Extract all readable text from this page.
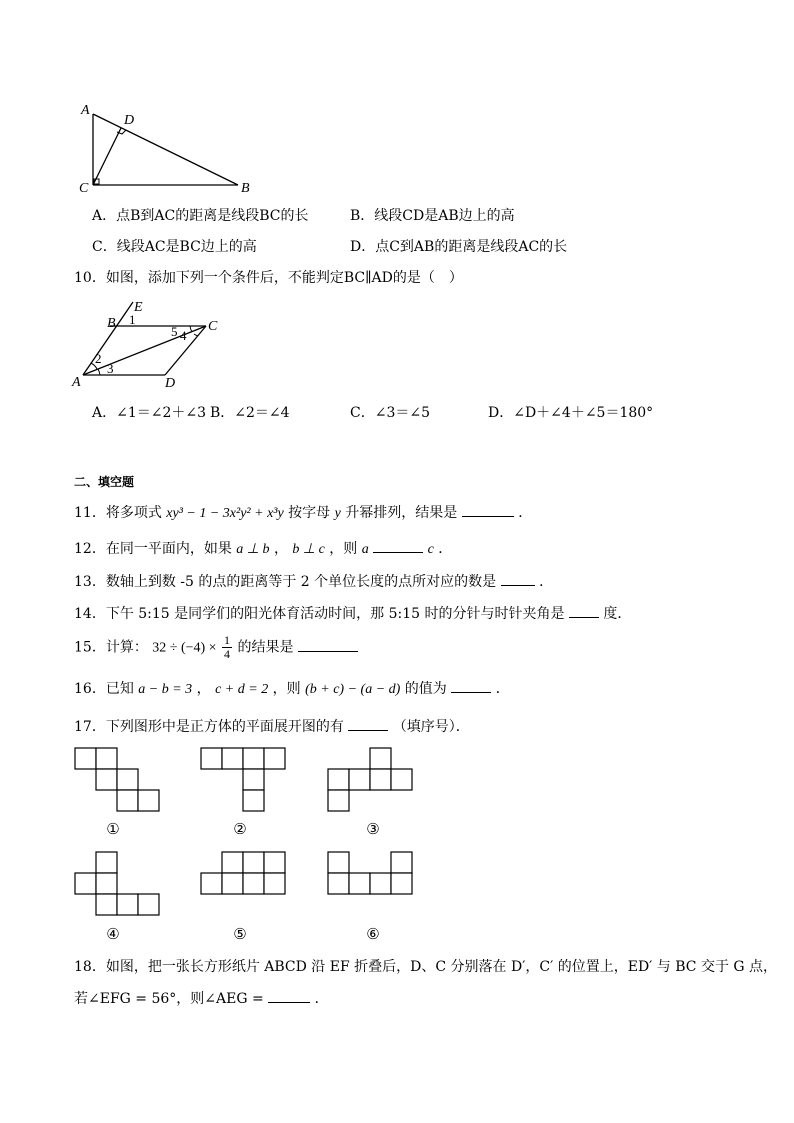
A
D
C	B
A．点B到AC的距离是线段BC的长	B．线段CD是AB边上的高
C．线段AC是BC边上的高	D．点C到AB的距离是线段AC的长
10．如图，添加下列一个条件后，不能判定BC∥AD的是（　）
B
E
C
A	D
1
2
3
4
5
A．∠1＝∠2＋∠3 B．∠2＝∠4	C．∠3＝∠5	D．∠D＋∠4＋∠5＝180°
二、填空题
11．将多项式 xy³ − 1 − 3x²y² + x³y 按字母 y 升幂排列，结果是	．
12．在同一平面内，如果 a ⊥ b ， b ⊥ c ，则 a	c ．
13．数轴上到数 -5 的点的距离等于 2 个单位长度的点所对应的数是	．
14．下午 5:15 是同学们的阳光体育活动时间，那 5:15 时的分针与时针夹角是	度．
15．计算： $32 \div (-4) \times \frac{1}{4}$ 的结果是
16．已知 a − b = 3 ， c + d = 2 ，则 (b + c) − (a − d) 的值为	．
17．下列图形中是正方体的平面展开图的有	（填序号）．
①	②	③
④	⑤	⑥
18．如图，把一张长方形纸片 ABCD 沿 EF 折叠后，D、C 分别落在 D′，C′ 的位置上，ED′ 与 BC 交于 G 点，
若∠EFG = 56°，则∠AEG =	．
